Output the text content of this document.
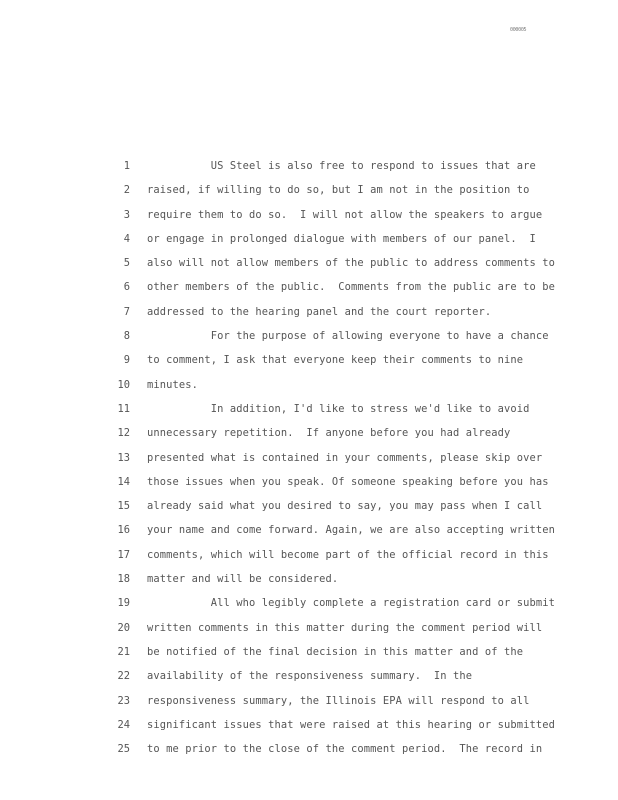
000005
1 US Steel is also free to respond to issues that are
2 raised, if willing to do so, but I am not in the position to
3 require them to do so.  I will not allow the speakers to argue
4 or engage in prolonged dialogue with members of our panel.  I
5 also will not allow members of the public to address comments to
6 other members of the public.  Comments from the public are to be
7 addressed to the hearing panel and the court reporter.
8 For the purpose of allowing everyone to have a chance
9 to comment, I ask that everyone keep their comments to nine
10 minutes.
11 In addition, I'd like to stress we'd like to avoid
12 unnecessary repetition.  If anyone before you had already
13 presented what is contained in your comments, please skip over
14 those issues when you speak. Of someone speaking before you has
15 already said what you desired to say, you may pass when I call
16 your name and come forward. Again, we are also accepting written
17 comments, which will become part of the official record in this
18 matter and will be considered.
19 All who legibly complete a registration card or submit
20 written comments in this matter during the comment period will
21 be notified of the final decision in this matter and of the
22 availability of the responsiveness summary.  In the
23 responsiveness summary, the Illinois EPA will respond to all
24 significant issues that were raised at this hearing or submitted
25 to me prior to the close of the comment period.  The record in
